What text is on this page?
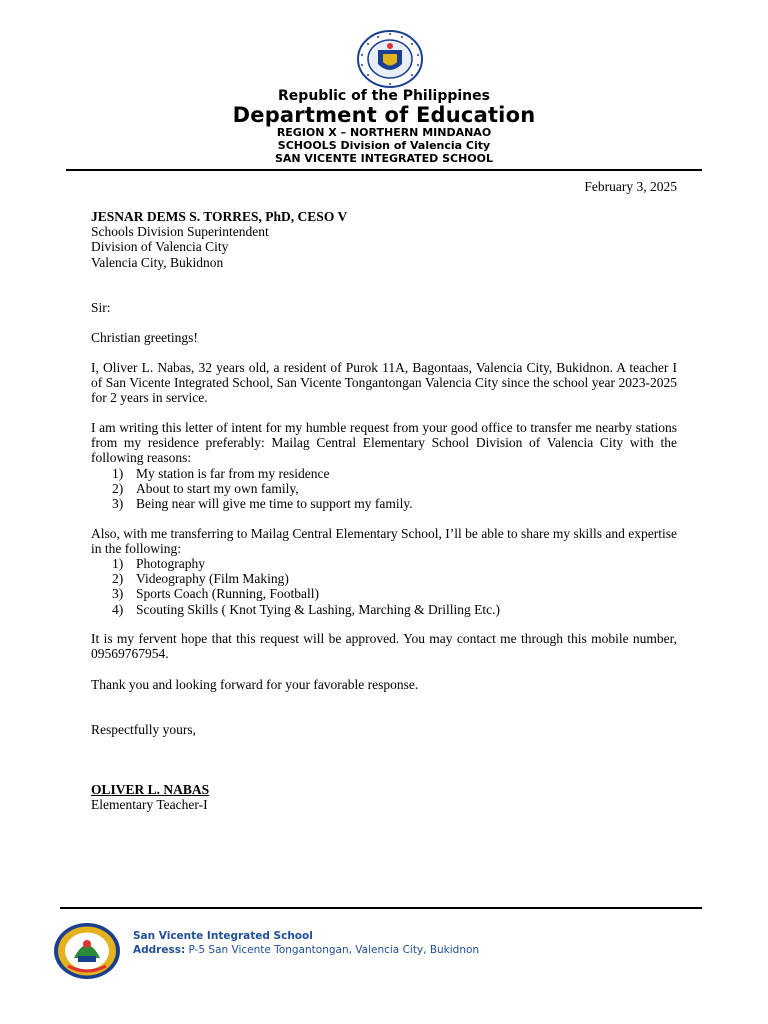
Republic of the Philippines
Department of Education
REGION X – NORTHERN MINDANAO
SCHOOLS Division of Valencia City
SAN VICENTE INTEGRATED SCHOOL
February 3, 2025
JESNAR DEMS S. TORRES, PhD, CESO V
Schools Division Superintendent
Division of Valencia City
Valencia City, Bukidnon
Sir:
Christian greetings!
I, Oliver L. Nabas, 32 years old, a resident of Purok 11A, Bagontaas, Valencia City, Bukidnon. A teacher I of San Vicente Integrated School, San Vicente Tongantongan Valencia City since the school year 2023-2025 for 2 years in service.
I am writing this letter of intent for my humble request from your good office to transfer me nearby stations from my residence preferably: Mailag Central Elementary School Division of Valencia City with the following reasons:
1) My station is far from my residence
2) About to start my own family,
3) Being near will give me time to support my family.
Also, with me transferring to Mailag Central Elementary School, I’ll be able to share my skills and expertise in the following:
1) Photography
2) Videography (Film Making)
3) Sports Coach (Running, Football)
4) Scouting Skills ( Knot Tying & Lashing, Marching & Drilling Etc.)
It is my fervent hope that this request will be approved. You may contact me through this mobile number, 09569767954.
Thank you and looking forward for your favorable response.
Respectfully yours,
OLIVER L. NABAS
Elementary Teacher-I
San Vicente Integrated School
Address: P-5 San Vicente Tongantongan, Valencia City, Bukidnon
